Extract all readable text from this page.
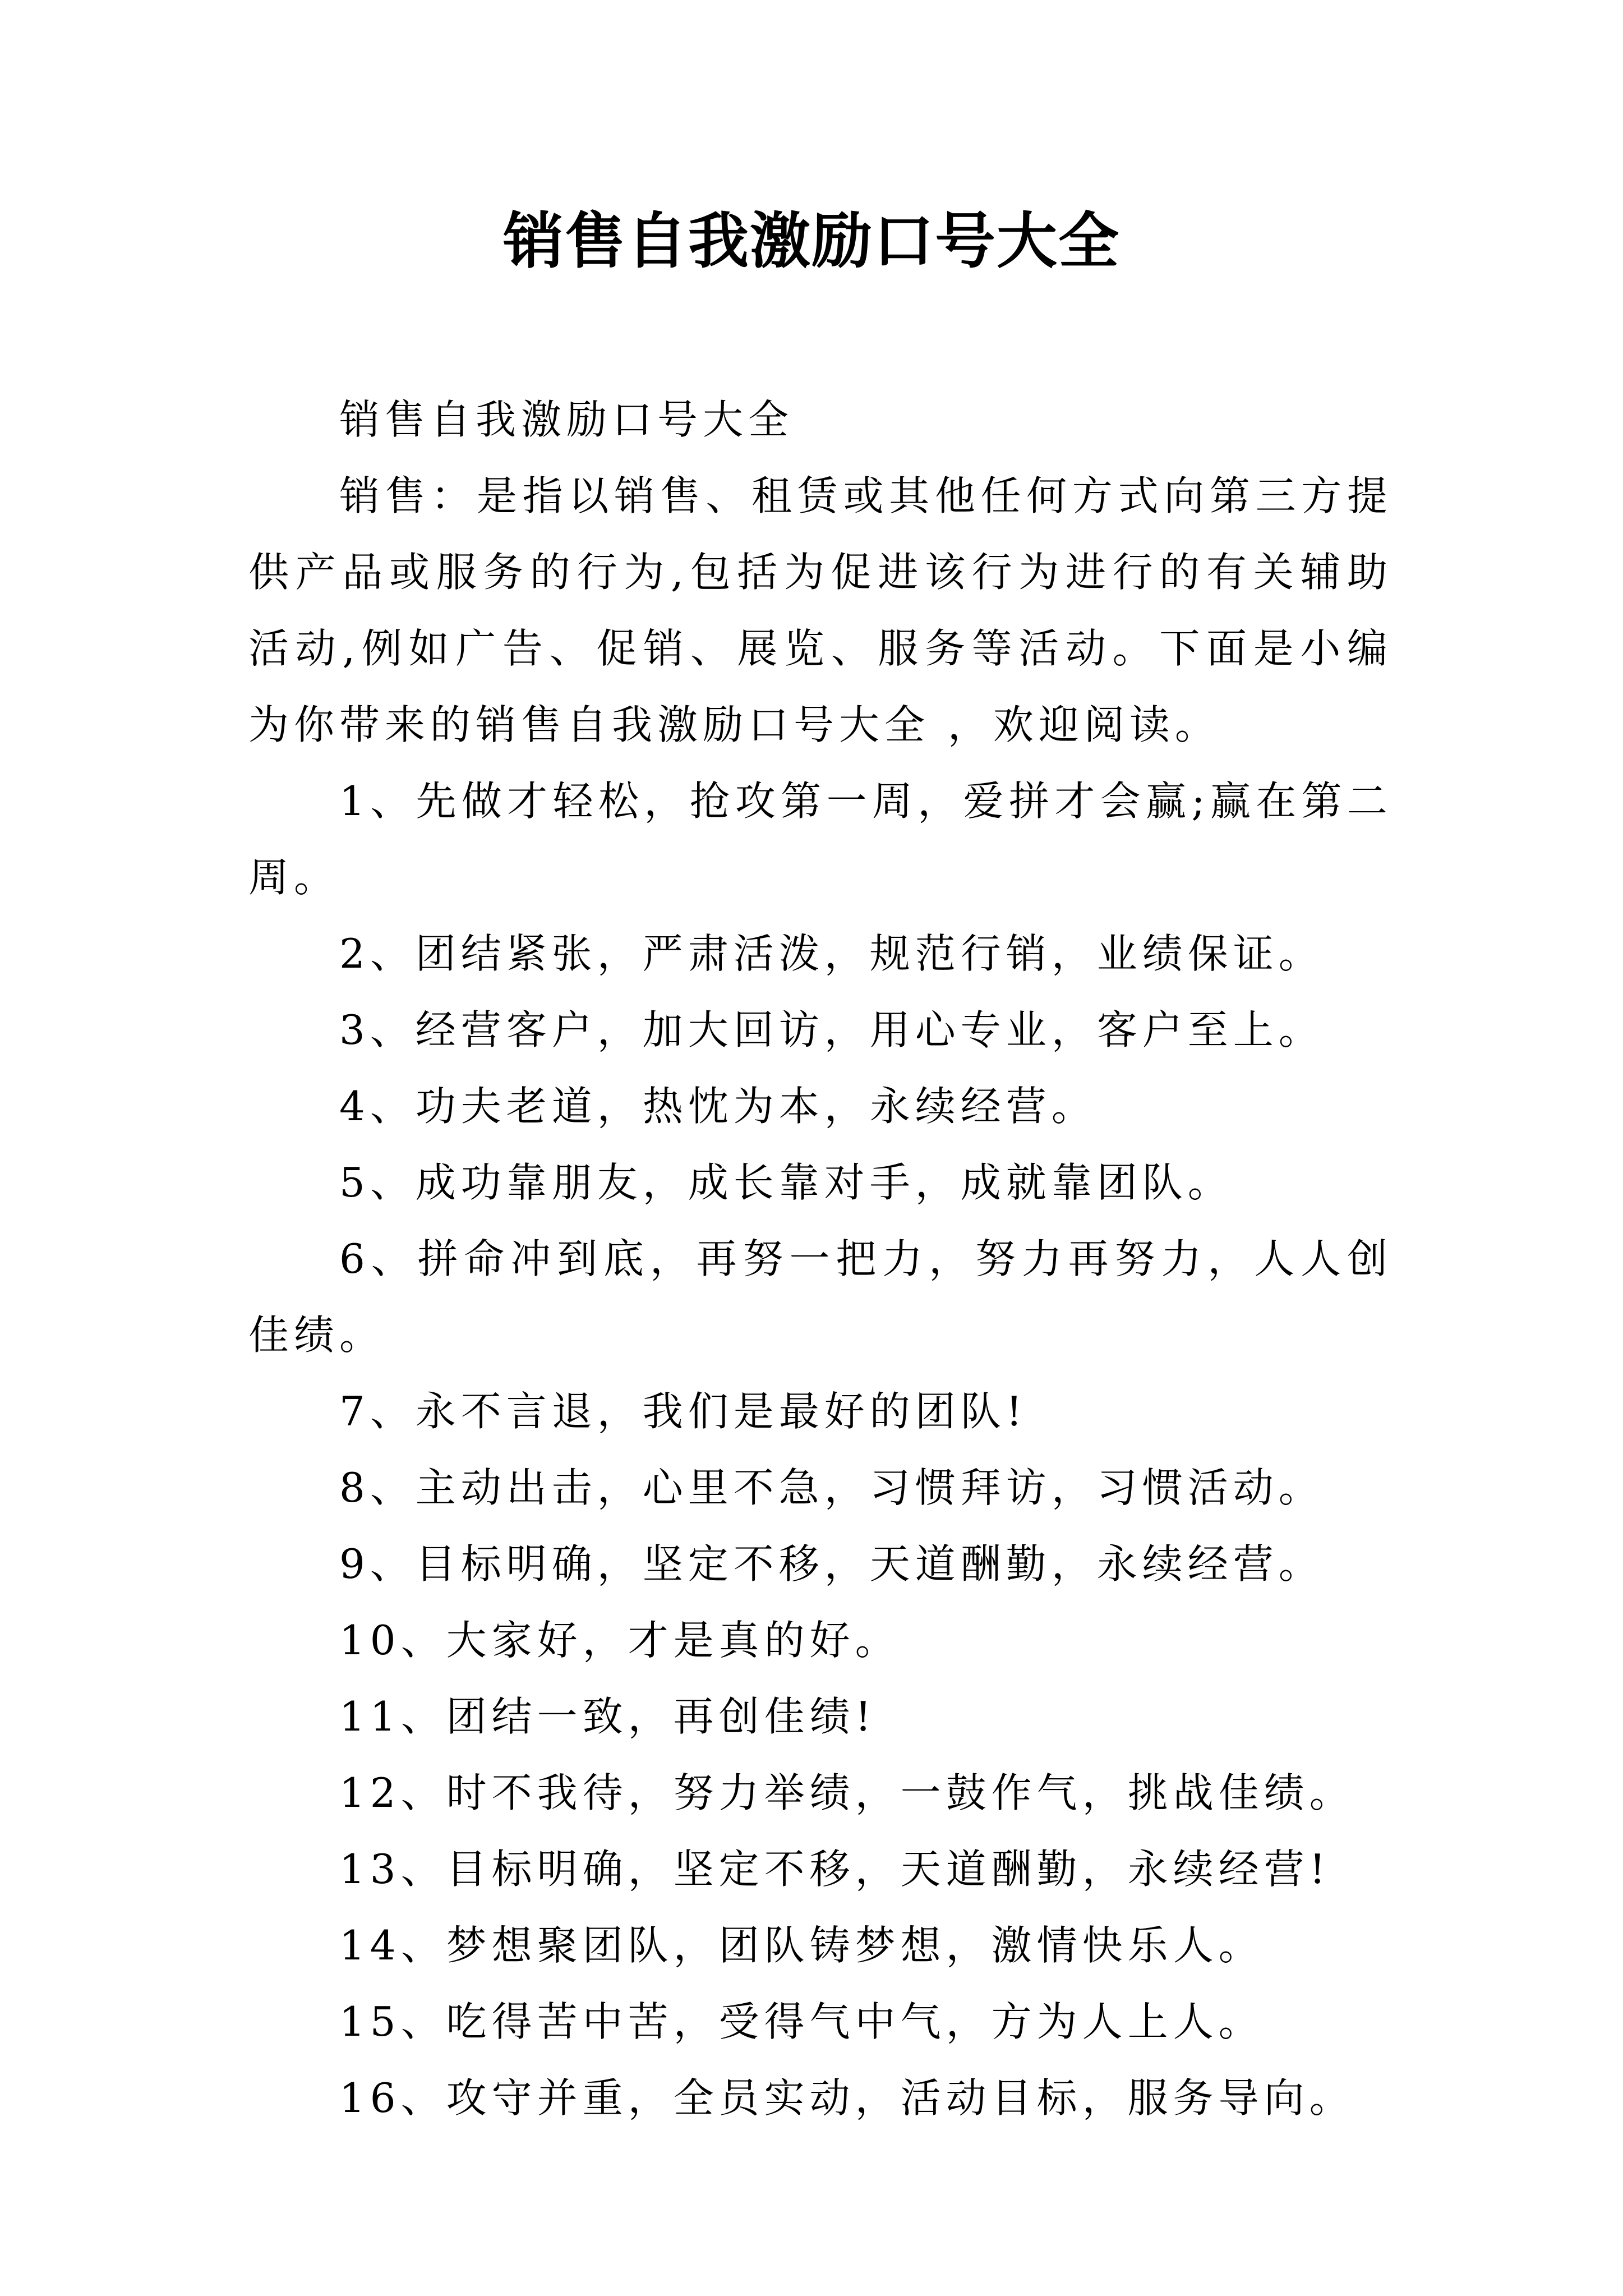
销售自我激励口号大全

销售自我激励口号大全

销售：是指以销售、租赁或其他任何方式向第三方提供产品或服务的行为,包括为促进该行为进行的有关辅助活动,例如广告、促销、展览、服务等活动。下面是小编为你带来的销售自我激励口号大全 ，欢迎阅读。

1、先做才轻松，抢攻第一周，爱拼才会赢;赢在第二周。

2、团结紧张，严肃活泼，规范行销，业绩保证。

3、经营客户，加大回访，用心专业，客户至上。

4、功夫老道，热忱为本，永续经营。

5、成功靠朋友，成长靠对手，成就靠团队。

6、拼命冲到底，再努一把力，努力再努力，人人创佳绩。

7、永不言退，我们是最好的团队!

8、主动出击，心里不急，习惯拜访，习惯活动。

9、目标明确，坚定不移，天道酬勤，永续经营。

10、大家好，才是真的好。

11、团结一致，再创佳绩!

12、时不我待，努力举绩，一鼓作气，挑战佳绩。

13、目标明确，坚定不移，天道酬勤，永续经营!

14、梦想聚团队，团队铸梦想，激情快乐人。

15、吃得苦中苦，受得气中气，方为人上人。

16、攻守并重，全员实动，活动目标，服务导向。
